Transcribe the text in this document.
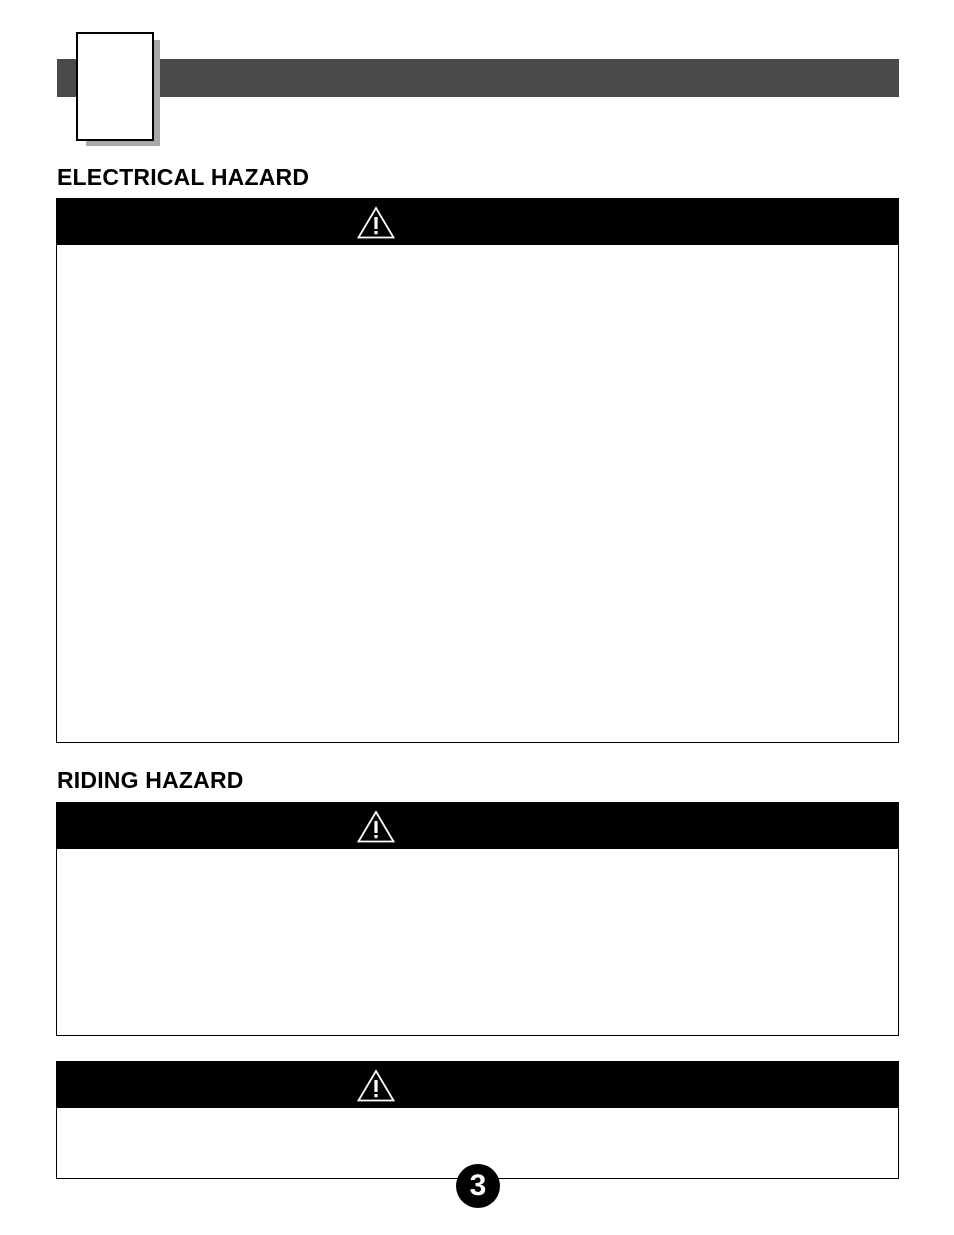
ELECTRICAL HAZARD
RIDING HAZARD
3
